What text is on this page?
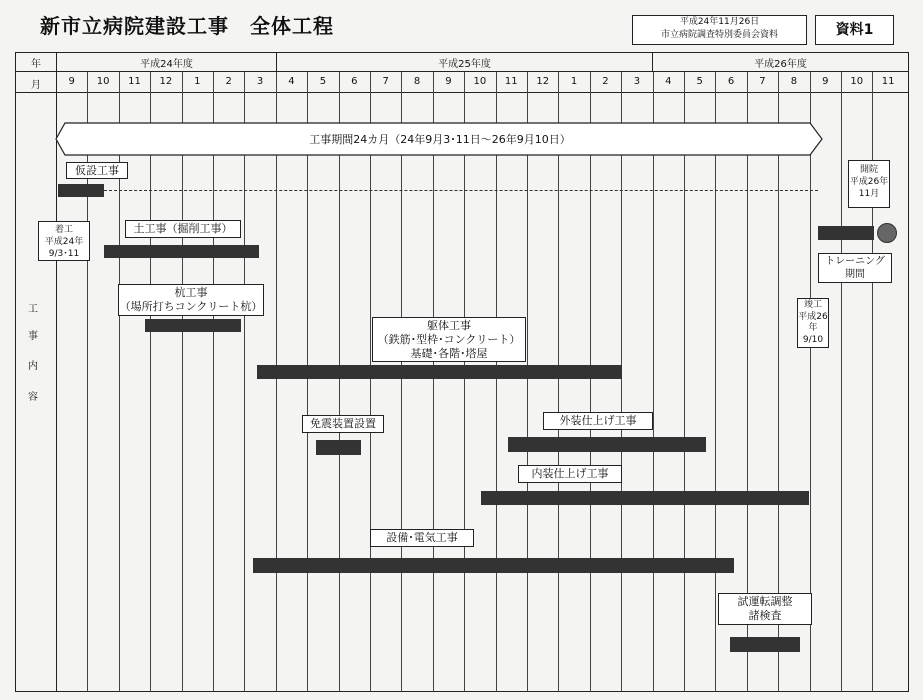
新市立病院建設工事　全体工程	平成24年11月26日
市立病院調査特別委員会資料	資料1
年	平成24年度	平成25年度	平成26年度
月	9	10	11	12	1	2	3	4	5	6	7	8	9	10	11	12	1	2	3	4	5	6	7	8	9	10	11
工
事
内
容
工事期間24カ月（24年9月3･11日～26年9月10日）
仮設工事
着工
平成24年
9/3･11
土工事（掘削工事）
杭工事
（場所打ちコンクリート杭）
躯体工事
（鉄筋･型枠･コンクリート）
基礎･各階･塔屋
免震装置設置	外装仕上げ工事
内装仕上げ工事
設備･電気工事
試運転調整
諸検査
竣工
平成26
年
9/10
開院
平成26年
11月
トレーニング
期間
